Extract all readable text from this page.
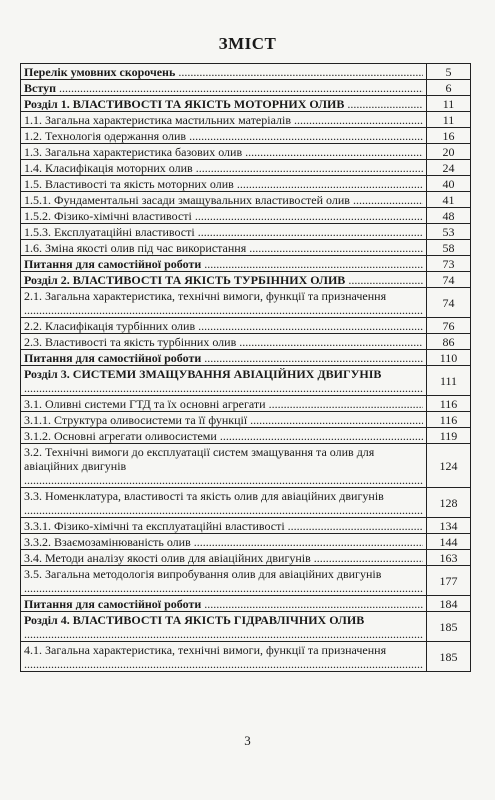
ЗМІСТ
Перелік умовних скорочень .....	5

Вступ .....	6

Розділ 1. ВЛАСТИВОСТІ ТА ЯКІСТЬ МОТОРНИХ ОЛИВ .....	11

1.1. Загальна характеристика мастильних матеріалів .....	11

1.2. Технологія одержання олив .....	16

1.3. Загальна характеристика базових олив .....	20

1.4. Класифікація моторних олив .....	24

1.5. Властивості та якість моторних олив .....	40

1.5.1. Фундаментальні засади змащувальних властивостей олив .....	41

1.5.2. Фізико-хімічні властивості .....	48

1.5.3. Експлуатаційні властивості .....	53

1.6. Зміна якості олив під час використання .....	58

Питання для самостійної роботи .....	73

Розділ 2. ВЛАСТИВОСТІ ТА ЯКІСТЬ ТУРБІННИХ ОЛИВ .....	74

2.1. Загальна характеристика, технічні вимоги, функції та призначення .....	74

2.2. Класифікація турбінних олив .....	76

2.3. Властивості та якість турбінних олив .....	86

Питання для самостійної роботи .....	110

Розділ 3. СИСТЕМИ ЗМАЩУВАННЯ АВІАЦІЙНИХ ДВИГУНІВ .....	111

3.1. Оливні системи ГТД та їх основні агрегати .....	116

3.1.1. Структура оливосистеми та її функції .....	116

3.1.2. Основні агрегати оливосистеми .....	119

3.2. Технічні вимоги до експлуатації систем змащування та олив для авіаційних двигунів .....	124

3.3. Номенклатура, властивості та якість олив для авіаційних двигунів .....	128

3.3.1. Фізико-хімічні та експлуатаційні властивості .....	134

3.3.2. Взаємозамінюваність олив .....	144

3.4. Методи аналізу якості олив для авіаційних двигунів .....	163

3.5. Загальна методологія випробування олив для авіаційних двигунів .....	177

Питання для самостійної роботи .....	184

Розділ 4. ВЛАСТИВОСТІ ТА ЯКІСТЬ ГІДРАВЛІЧНИХ ОЛИВ .....	185

4.1. Загальна характеристика, технічні вимоги, функції та призначення .....	185
3
